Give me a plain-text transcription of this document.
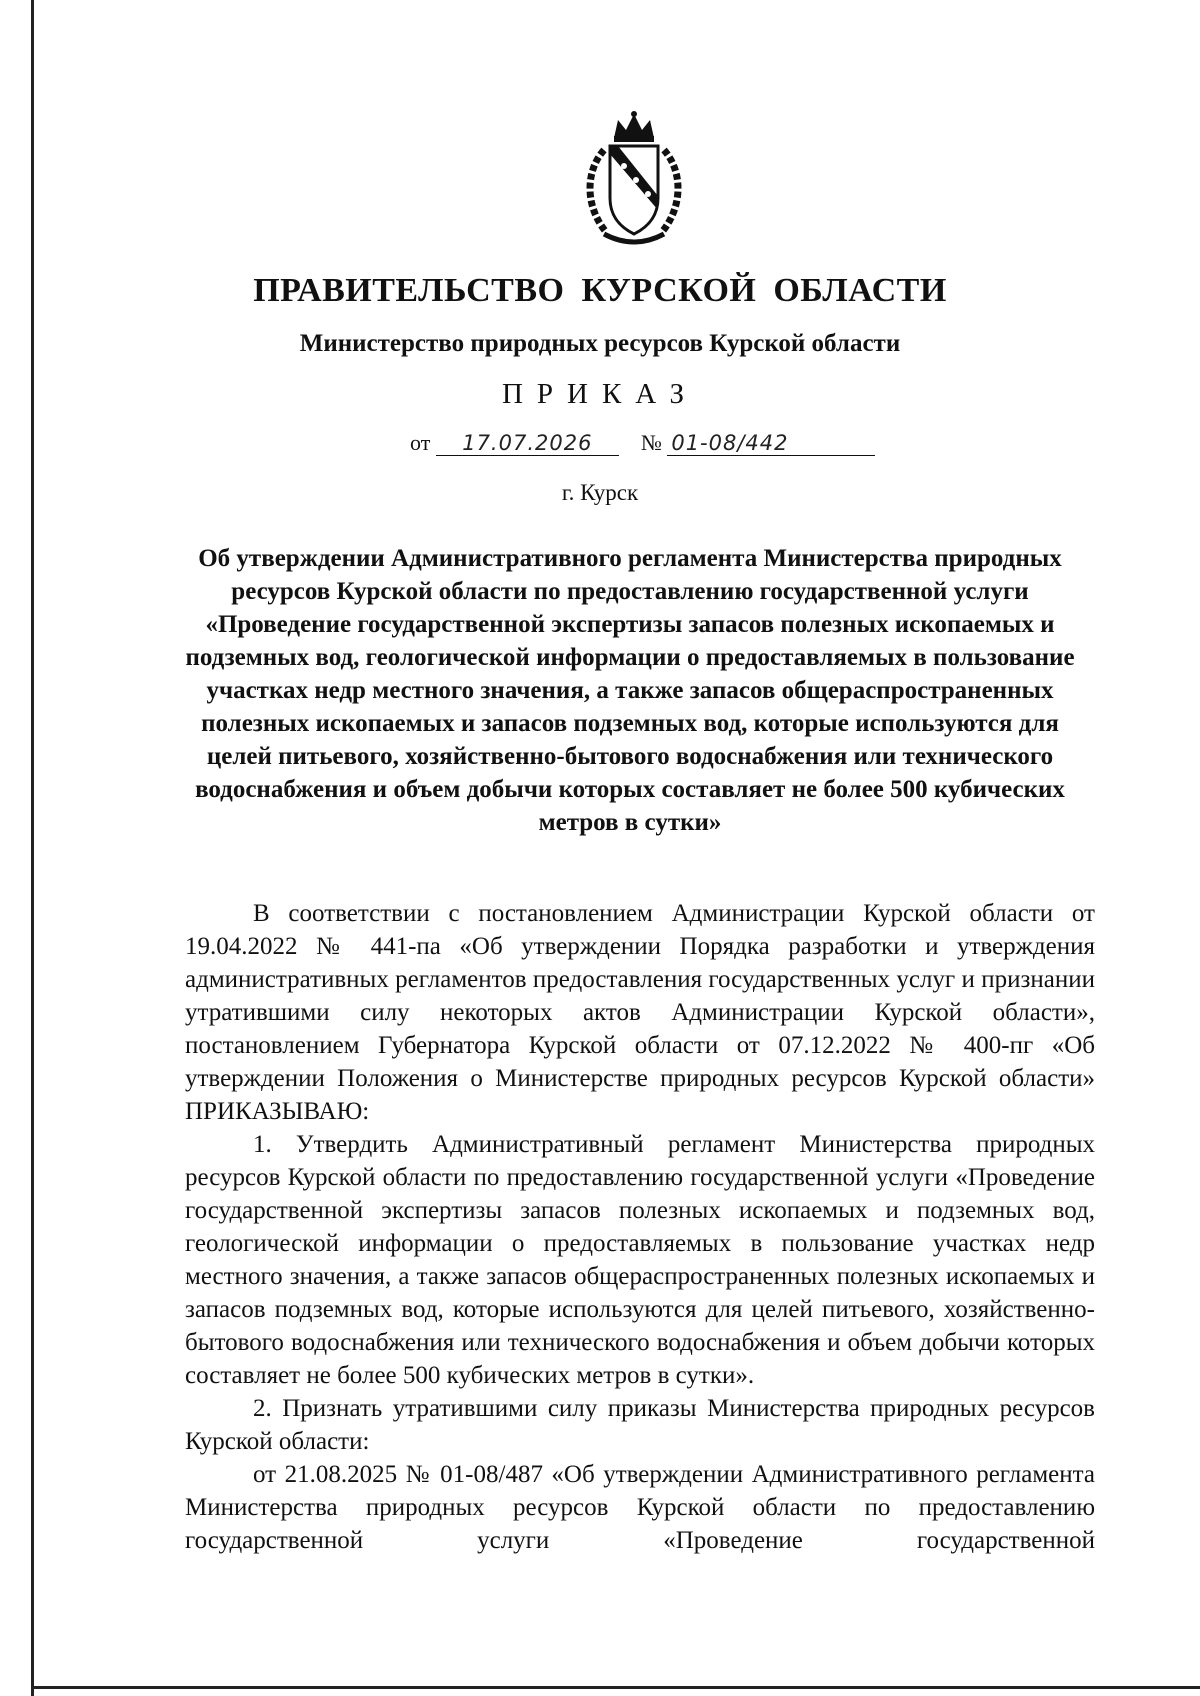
ПРАВИТЕЛЬСТВО КУРСКОЙ ОБЛАСТИ
Министерство природных ресурсов Курской области
ПРИКАЗ
от 17.07.2026 № 01-08/442
г. Курск
Об утверждении Административного регламента Министерства природных ресурсов Курской области по предоставлению государственной услуги «Проведение государственной экспертизы запасов полезных ископаемых и подземных вод, геологической информации о предоставляемых в пользование участках недр местного значения, а также запасов общераспространенных полезных ископаемых и запасов подземных вод, которые используются для целей питьевого, хозяйственно-бытового водоснабжения или технического водоснабжения и объем добычи которых составляет не более 500 кубических метров в сутки»

В соответствии с постановлением Администрации Курской области от 19.04.2022 № 441-па «Об утверждении Порядка разработки и утверждения административных регламентов предоставления государственных услуг и признании утратившими силу некоторых актов Администрации Курской области», постановлением Губернатора Курской области от 07.12.2022 № 400-пг «Об утверждении Положения о Министерстве природных ресурсов Курской области» ПРИКАЗЫВАЮ:

1. Утвердить Административный регламент Министерства природных ресурсов Курской области по предоставлению государственной услуги «Проведение государственной экспертизы запасов полезных ископаемых и подземных вод, геологической информации о предоставляемых в пользование участках недр местного значения, а также запасов общераспространенных полезных ископаемых и запасов подземных вод, которые используются для целей питьевого, хозяйственно-бытового водоснабжения или технического водоснабжения и объем добычи которых составляет не более 500 кубических метров в сутки».

2. Признать утратившими силу приказы Министерства природных ресурсов Курской области:

от 21.08.2025 № 01-08/487 «Об утверждении Административного регламента Министерства природных ресурсов Курской области по предоставлению государственной услуги «Проведение государственной
